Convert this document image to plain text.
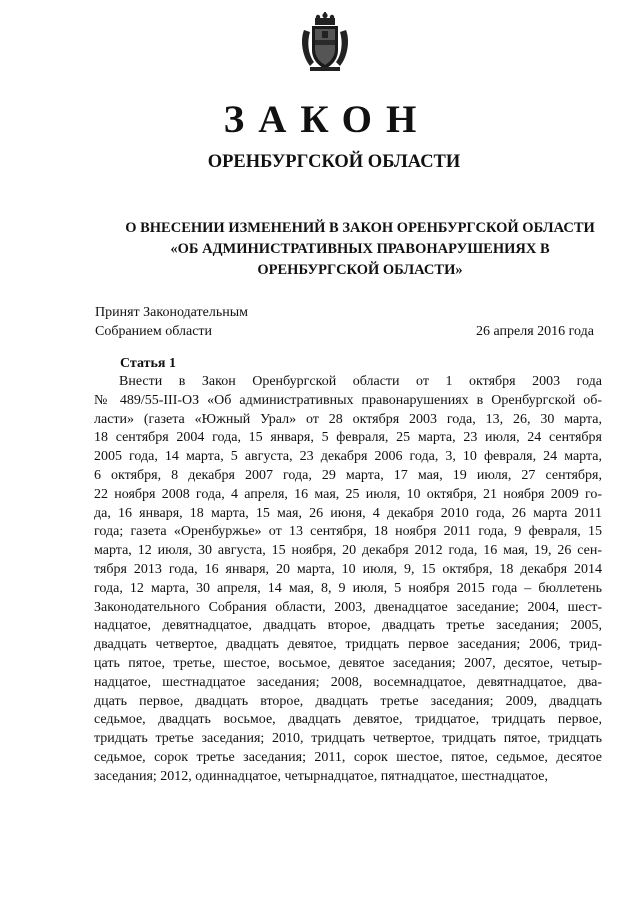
ЗАКОН
ОРЕНБУРГСКОЙ ОБЛАСТИ
О ВНЕСЕНИИ ИЗМЕНЕНИЙ В ЗАКОН ОРЕНБУРГСКОЙ ОБЛАСТИ
«ОБ АДМИНИСТРАТИВНЫХ ПРАВОНАРУШЕНИЯХ В
ОРЕНБУРГСКОЙ ОБЛАСТИ»
Принят Законодательным
Собранием области	26 апреля 2016 года
Статья 1
Внести в Закон Оренбургской области от 1 октября 2003 года
№ 489/55-III-ОЗ «Об административных правонарушениях в Оренбургской об-
ласти» (газета «Южный Урал» от 28 октября 2003 года, 13, 26, 30 марта,
18 сентября 2004 года, 15 января, 5 февраля, 25 марта, 23 июля, 24 сентября
2005 года, 14 марта, 5 августа, 23 декабря 2006 года, 3, 10 февраля, 24 марта,
6 октября, 8 декабря 2007 года, 29 марта, 17 мая, 19 июля, 27 сентября,
22 ноября 2008 года, 4 апреля, 16 мая, 25 июля, 10 октября, 21 ноября 2009 го-
да, 16 января, 18 марта, 15 мая, 26 июня, 4 декабря 2010 года, 26 марта 2011
года; газета «Оренбуржье» от 13 сентября, 18 ноября 2011 года, 9 февраля, 15
марта, 12 июля, 30 августа, 15 ноября, 20 декабря 2012 года, 16 мая, 19, 26 сен-
тября 2013 года, 16 января, 20 марта, 10 июля, 9, 15 октября, 18 декабря 2014
года, 12 марта, 30 апреля, 14 мая, 8, 9 июля, 5 ноября 2015 года – бюллетень
Законодательного Собрания области, 2003, двенадцатое заседание; 2004, шест-
надцатое, девятнадцатое, двадцать второе, двадцать третье заседания; 2005,
двадцать четвертое, двадцать девятое, тридцать первое заседания; 2006, трид-
цать пятое, третье, шестое, восьмое, девятое заседания; 2007, десятое, четыр-
надцатое, шестнадцатое заседания; 2008, восемнадцатое, девятнадцатое, два-
дцать первое, двадцать второе, двадцать третье заседания; 2009, двадцать
седьмое, двадцать восьмое, двадцать девятое, тридцатое, тридцать первое,
тридцать третье заседания; 2010, тридцать четвертое, тридцать пятое, тридцать
седьмое, сорок третье заседания; 2011, сорок шестое, пятое, седьмое, десятое
заседания; 2012, одиннадцатое, четырнадцатое, пятнадцатое, шестнадцатое,
